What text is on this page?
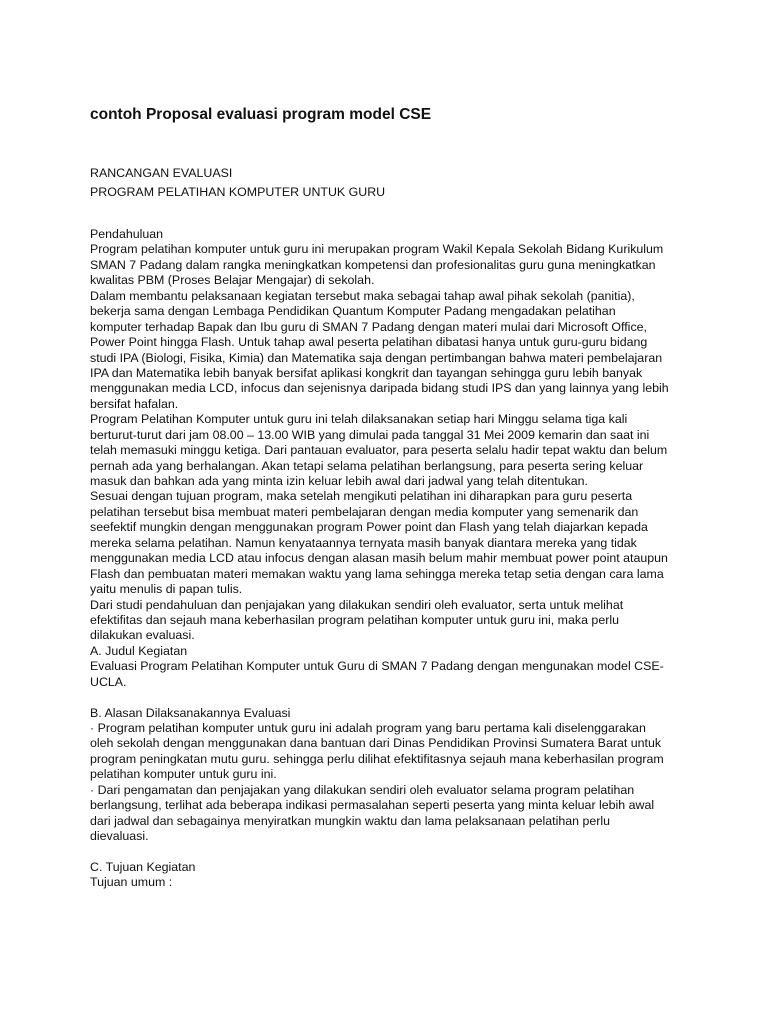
contoh Proposal evaluasi program model CSE
RANCANGAN EVALUASI
PROGRAM PELATIHAN KOMPUTER UNTUK GURU
Pendahuluan
Program pelatihan komputer untuk guru ini merupakan program Wakil Kepala Sekolah Bidang Kurikulum
SMAN 7 Padang dalam rangka meningkatkan kompetensi dan profesionalitas guru guna meningkatkan
kwalitas PBM (Proses Belajar Mengajar) di sekolah.
Dalam membantu pelaksanaan kegiatan tersebut maka sebagai tahap awal pihak sekolah (panitia),
bekerja sama dengan Lembaga Pendidikan Quantum Komputer Padang mengadakan pelatihan
komputer terhadap Bapak dan Ibu guru di SMAN 7 Padang dengan materi mulai dari Microsoft Office,
Power Point hingga Flash. Untuk tahap awal peserta pelatihan dibatasi hanya untuk guru-guru bidang
studi IPA (Biologi, Fisika, Kimia) dan Matematika saja dengan pertimbangan bahwa materi pembelajaran
IPA dan Matematika lebih banyak bersifat aplikasi kongkrit dan tayangan sehingga guru lebih banyak
menggunakan media LCD, infocus dan sejenisnya daripada bidang studi IPS dan yang lainnya yang lebih
bersifat hafalan.
Program Pelatihan Komputer untuk guru ini telah dilaksanakan setiap hari Minggu selama tiga kali
berturut-turut dari jam 08.00 – 13.00 WIB yang dimulai pada tanggal 31 Mei 2009 kemarin dan saat ini
telah memasuki minggu ketiga. Dari pantauan evaluator, para peserta selalu hadir tepat waktu dan belum
pernah ada yang berhalangan. Akan tetapi selama pelatihan berlangsung, para peserta sering keluar
masuk dan bahkan ada yang minta izin keluar lebih awal dari jadwal yang telah ditentukan.
Sesuai dengan tujuan program, maka setelah mengikuti pelatihan ini diharapkan para guru peserta
pelatihan tersebut bisa membuat materi pembelajaran dengan media komputer yang semenarik dan
seefektif mungkin dengan menggunakan program Power point dan Flash yang telah diajarkan kepada
mereka selama pelatihan. Namun kenyataannya ternyata masih banyak diantara mereka yang tidak
menggunakan media LCD atau infocus dengan alasan masih belum mahir membuat power point ataupun
Flash dan pembuatan materi memakan waktu yang lama sehingga mereka tetap setia dengan cara lama
yaitu menulis di papan tulis.
Dari studi pendahuluan dan penjajakan yang dilakukan sendiri oleh evaluator, serta untuk melihat
efektifitas dan sejauh mana keberhasilan program pelatihan komputer untuk guru ini, maka perlu
dilakukan evaluasi.
A. Judul Kegiatan
Evaluasi Program Pelatihan Komputer untuk Guru di SMAN 7 Padang dengan mengunakan model CSE-
UCLA.
B. Alasan Dilaksanakannya Evaluasi
· Program pelatihan komputer untuk guru ini adalah program yang baru pertama kali diselenggarakan
oleh sekolah dengan menggunakan dana bantuan dari Dinas Pendidikan Provinsi Sumatera Barat untuk
program peningkatan mutu guru. sehingga perlu dilihat efektifitasnya sejauh mana keberhasilan program
pelatihan komputer untuk guru ini.
· Dari pengamatan dan penjajakan yang dilakukan sendiri oleh evaluator selama program pelatihan
berlangsung, terlihat ada beberapa indikasi permasalahan seperti peserta yang minta keluar lebih awal
dari jadwal dan sebagainya menyiratkan mungkin waktu dan lama pelaksanaan pelatihan perlu
dievaluasi.
C. Tujuan Kegiatan
Tujuan umum :
